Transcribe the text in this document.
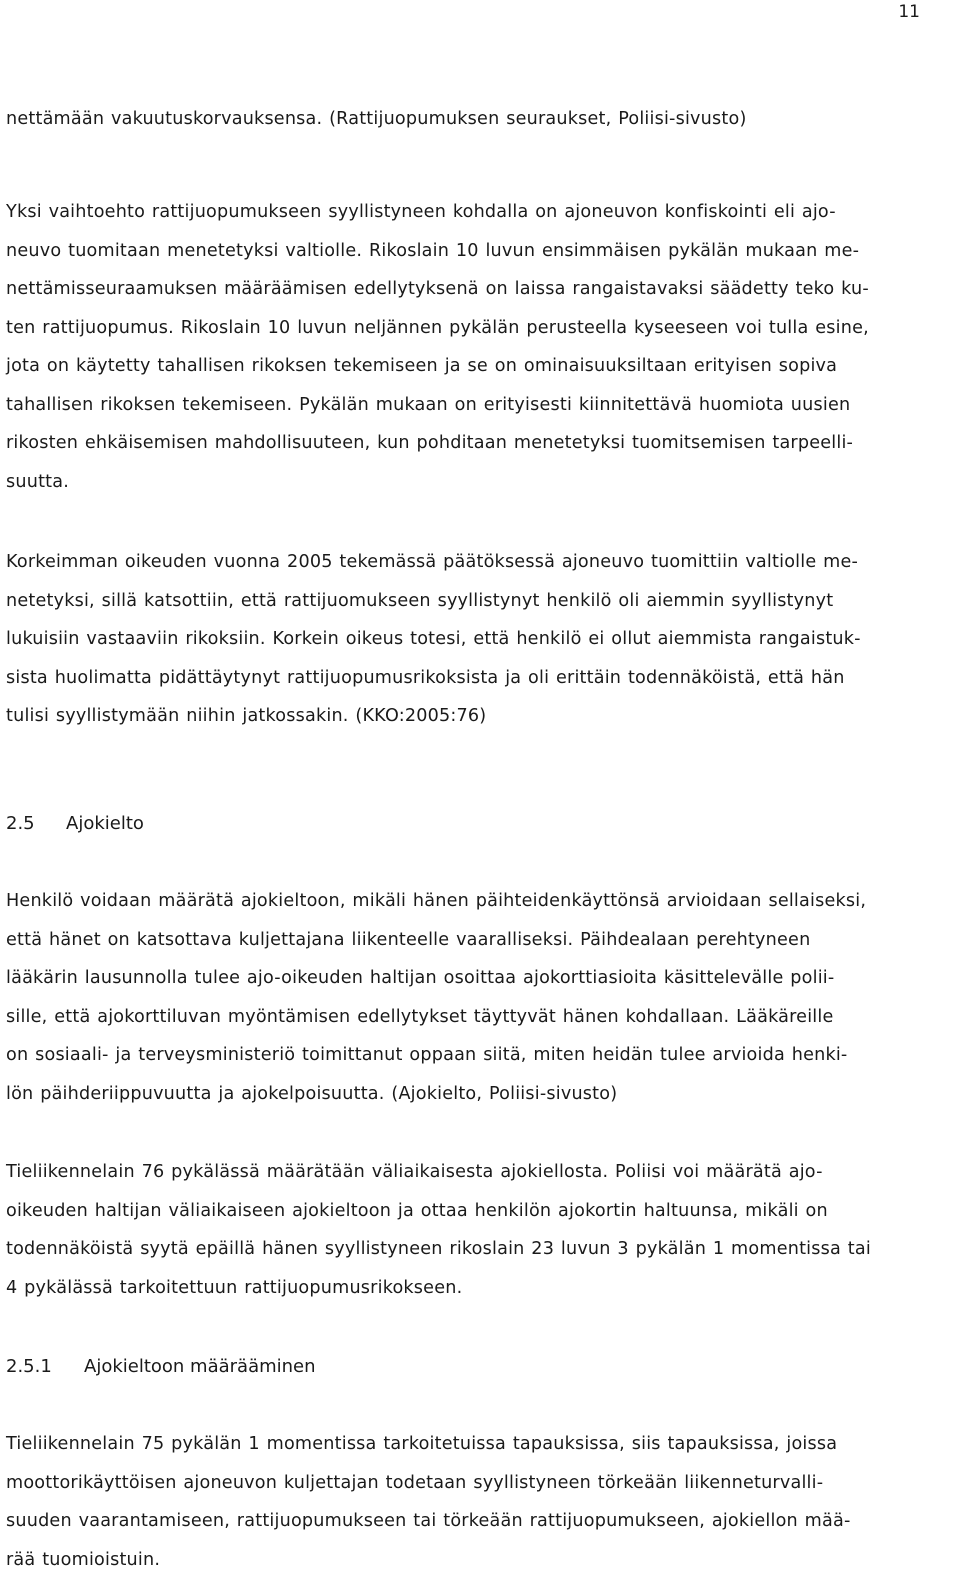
11

nettämään vakuutuskorvauksensa. (Rattijuopumuksen seuraukset, Poliisi-sivusto)

Yksi vaihtoehto rattijuopumukseen syyllistyneen kohdalla on ajoneuvon konfiskointi eli ajo-
neuvo tuomitaan menetetyksi valtiolle. Rikoslain 10 luvun ensimmäisen pykälän mukaan me-
nettämisseuraamuksen määräämisen edellytyksenä on laissa rangaistavaksi säädetty teko ku-
ten rattijuopumus. Rikoslain 10 luvun neljännen pykälän perusteella kyseeseen voi tulla esine,
jota on käytetty tahallisen rikoksen tekemiseen ja se on ominaisuuksiltaan erityisen sopiva
tahallisen rikoksen tekemiseen. Pykälän mukaan on erityisesti kiinnitettävä huomiota uusien
rikosten ehkäisemisen mahdollisuuteen, kun pohditaan menetetyksi tuomitsemisen tarpeelli-
suutta.

Korkeimman oikeuden vuonna 2005 tekemässä päätöksessä ajoneuvo tuomittiin valtiolle me-
netetyksi, sillä katsottiin, että rattijuomukseen syyllistynyt henkilö oli aiemmin syyllistynyt
lukuisiin vastaaviin rikoksiin. Korkein oikeus totesi, että henkilö ei ollut aiemmista rangaistuk-
sista huolimatta pidättäytynyt rattijuopumusrikoksista ja oli erittäin todennäköistä, että hän
tulisi syyllistymään niihin jatkossakin. (KKO:2005:76)

2.5 Ajokielto

Henkilö voidaan määrätä ajokieltoon, mikäli hänen päihteidenkäyttönsä arvioidaan sellaiseksi,
että hänet on katsottava kuljettajana liikenteelle vaaralliseksi. Päihdealaan perehtyneen
lääkärin lausunnolla tulee ajo-oikeuden haltijan osoittaa ajokorttiasioita käsittelevälle polii-
sille, että ajokorttiluvan myöntämisen edellytykset täyttyvät hänen kohdallaan. Lääkäreille
on sosiaali- ja terveysministeriö toimittanut oppaan siitä, miten heidän tulee arvioida henki-
lön päihderiippuvuutta ja ajokelpoisuutta. (Ajokielto, Poliisi-sivusto)

Tieliikennelain 76 pykälässä määrätään väliaikaisesta ajokiellosta. Poliisi voi määrätä ajo-
oikeuden haltijan väliaikaiseen ajokieltoon ja ottaa henkilön ajokortin haltuunsa, mikäli on
todennäköistä syytä epäillä hänen syyllistyneen rikoslain 23 luvun 3 pykälän 1 momentissa tai
4 pykälässä tarkoitettuun rattijuopumusrikokseen.

2.5.1 Ajokieltoon määrääminen

Tieliikennelain 75 pykälän 1 momentissa tarkoitetuissa tapauksissa, siis tapauksissa, joissa
moottorikäyttöisen ajoneuvon kuljettajan todetaan syyllistyneen törkeään liikenneturvalli-
suuden vaarantamiseen, rattijuopumukseen tai törkeään rattijuopumukseen, ajokiellon mää-
rää tuomioistuin.
